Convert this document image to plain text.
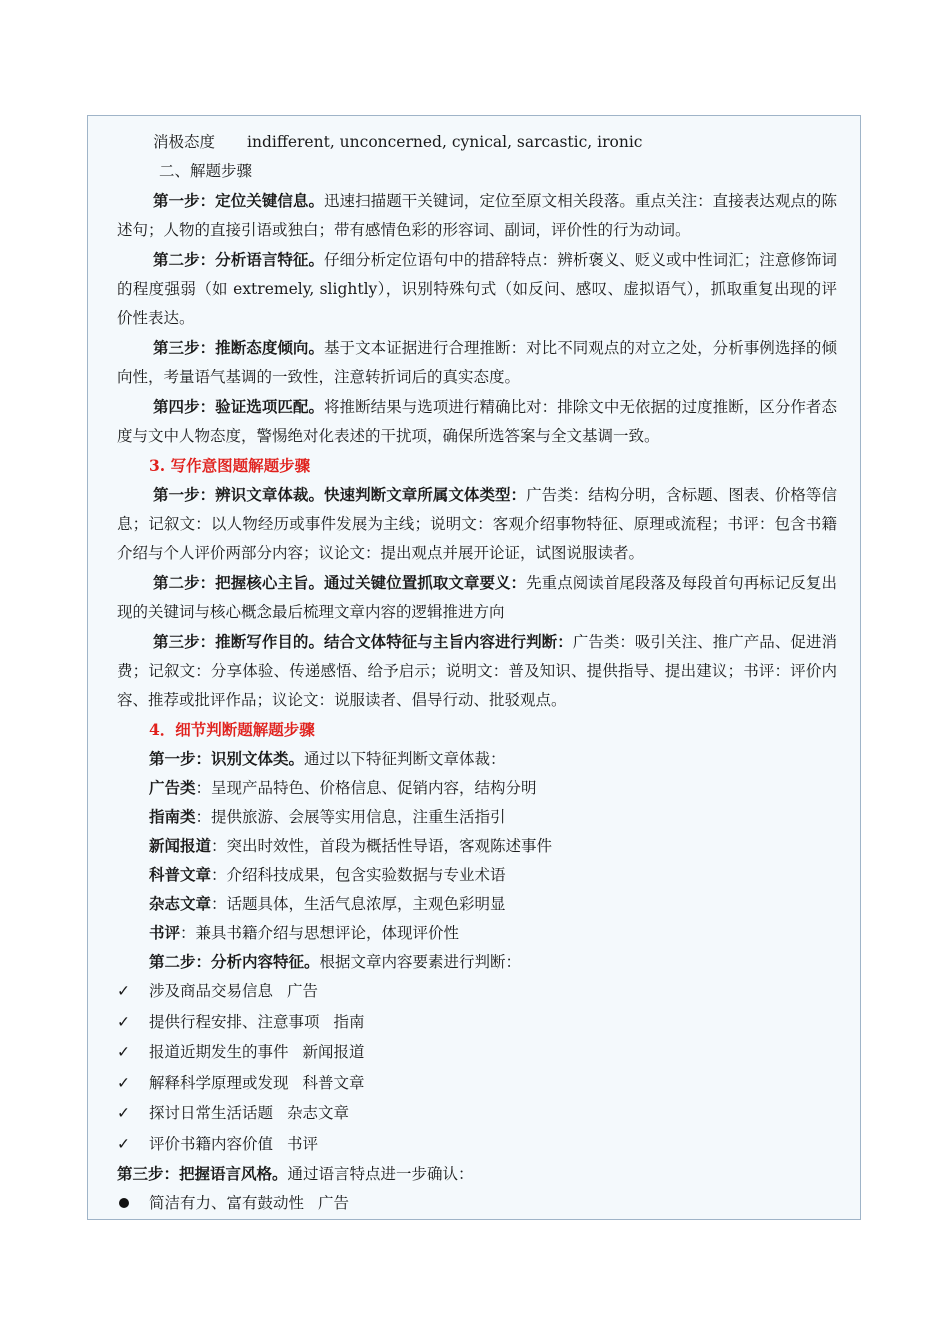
消极态度 indifferent, unconcerned, cynical, sarcastic, ironic
二、解题步骤

第一步：定位关键信息。迅速扫描题干关键词，定位至原文相关段落。重点关注：直接表达观点的陈述句；人物的直接引语或独白；带有感情色彩的形容词、副词，评价性的行为动词。

第二步：分析语言特征。仔细分析定位语句中的措辞特点：辨析褒义、贬义或中性词汇；注意修饰词的程度强弱（如 extremely, slightly），识别特殊句式（如反问、感叹、虚拟语气），抓取重复出现的评价性表达。

第三步：推断态度倾向。基于文本证据进行合理推断：对比不同观点的对立之处，分析事例选择的倾向性，考量语气基调的一致性，注意转折词后的真实态度。

第四步：验证选项匹配。将推断结果与选项进行精确比对：排除文中无依据的过度推断，区分作者态度与文中人物态度，警惕绝对化表述的干扰项，确保所选答案与全文基调一致。

3. 写作意图题解题步骤

第一步：辨识文章体裁。快速判断文章所属文体类型：广告类：结构分明，含标题、图表、价格等信息；记叙文：以人物经历或事件发展为主线；说明文：客观介绍事物特征、原理或流程；书评：包含书籍介绍与个人评价两部分内容；议论文：提出观点并展开论证，试图说服读者。

第二步：把握核心主旨。通过关键位置抓取文章要义：先重点阅读首尾段落及每段首句再标记反复出现的关键词与核心概念最后梳理文章内容的逻辑推进方向

第三步：推断写作目的。结合文体特征与主旨内容进行判断：广告类：吸引关注、推广产品、促进消费；记叙文：分享体验、传递感悟、给予启示；说明文：普及知识、提供指导、提出建议；书评：评价内容、推荐或批评作品；议论文：说服读者、倡导行动、批驳观点。

4．细节判断题解题步骤
第一步：识别文体类。通过以下特征判断文章体裁：
广告类：呈现产品特色、价格信息、促销内容，结构分明
指南类：提供旅游、会展等实用信息，注重生活指引
新闻报道：突出时效性，首段为概括性导语，客观陈述事件
科普文章：介绍科技成果，包含实验数据与专业术语
杂志文章：话题具体，生活气息浓厚，主观色彩明显
书评：兼具书籍介绍与思想评论，体现评价性
第二步：分析内容特征。根据文章内容要素进行判断：
✓	涉及商品交易信息 广告
✓	提供行程安排、注意事项 指南
✓	报道近期发生的事件 新闻报道
✓	解释科学原理或发现 科普文章
✓	探讨日常生活话题 杂志文章
✓	评价书籍内容价值 书评
第三步：把握语言风格。通过语言特点进一步确认：
简洁有力、富有鼓动性 广告
